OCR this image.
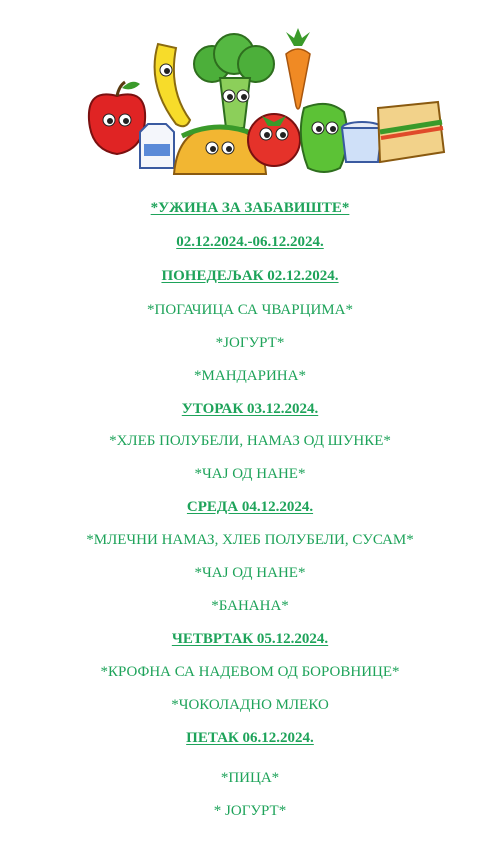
*УЖИНА ЗА ЗАБАВИШТЕ*
02.12.2024.-06.12.2024.
ПОНЕДЕЉАК 02.12.2024.
*ПОГАЧИЦА СА ЧВАРЦИМА*
*ЈОГУРТ*
*МАНДАРИНА*
УТОРАК 03.12.2024.
*ХЛЕБ ПОЛУБЕЛИ, НАМАЗ ОД ШУНКЕ*
*ЧАЈ ОД НАНЕ*
СРЕДА 04.12.2024.
*МЛЕЧНИ НАМАЗ, ХЛЕБ ПОЛУБЕЛИ, СУСАМ*
*ЧАЈ ОД НАНЕ*
*БАНАНА*
ЧЕТВРТАК 05.12.2024.
*КРОФНА СА НАДЕВОМ ОД БОРОВНИЦЕ*
*ЧОКОЛАДНО МЛЕКО
ПЕТАК 06.12.2024.
*ПИЦА*
* ЈОГУРТ*
